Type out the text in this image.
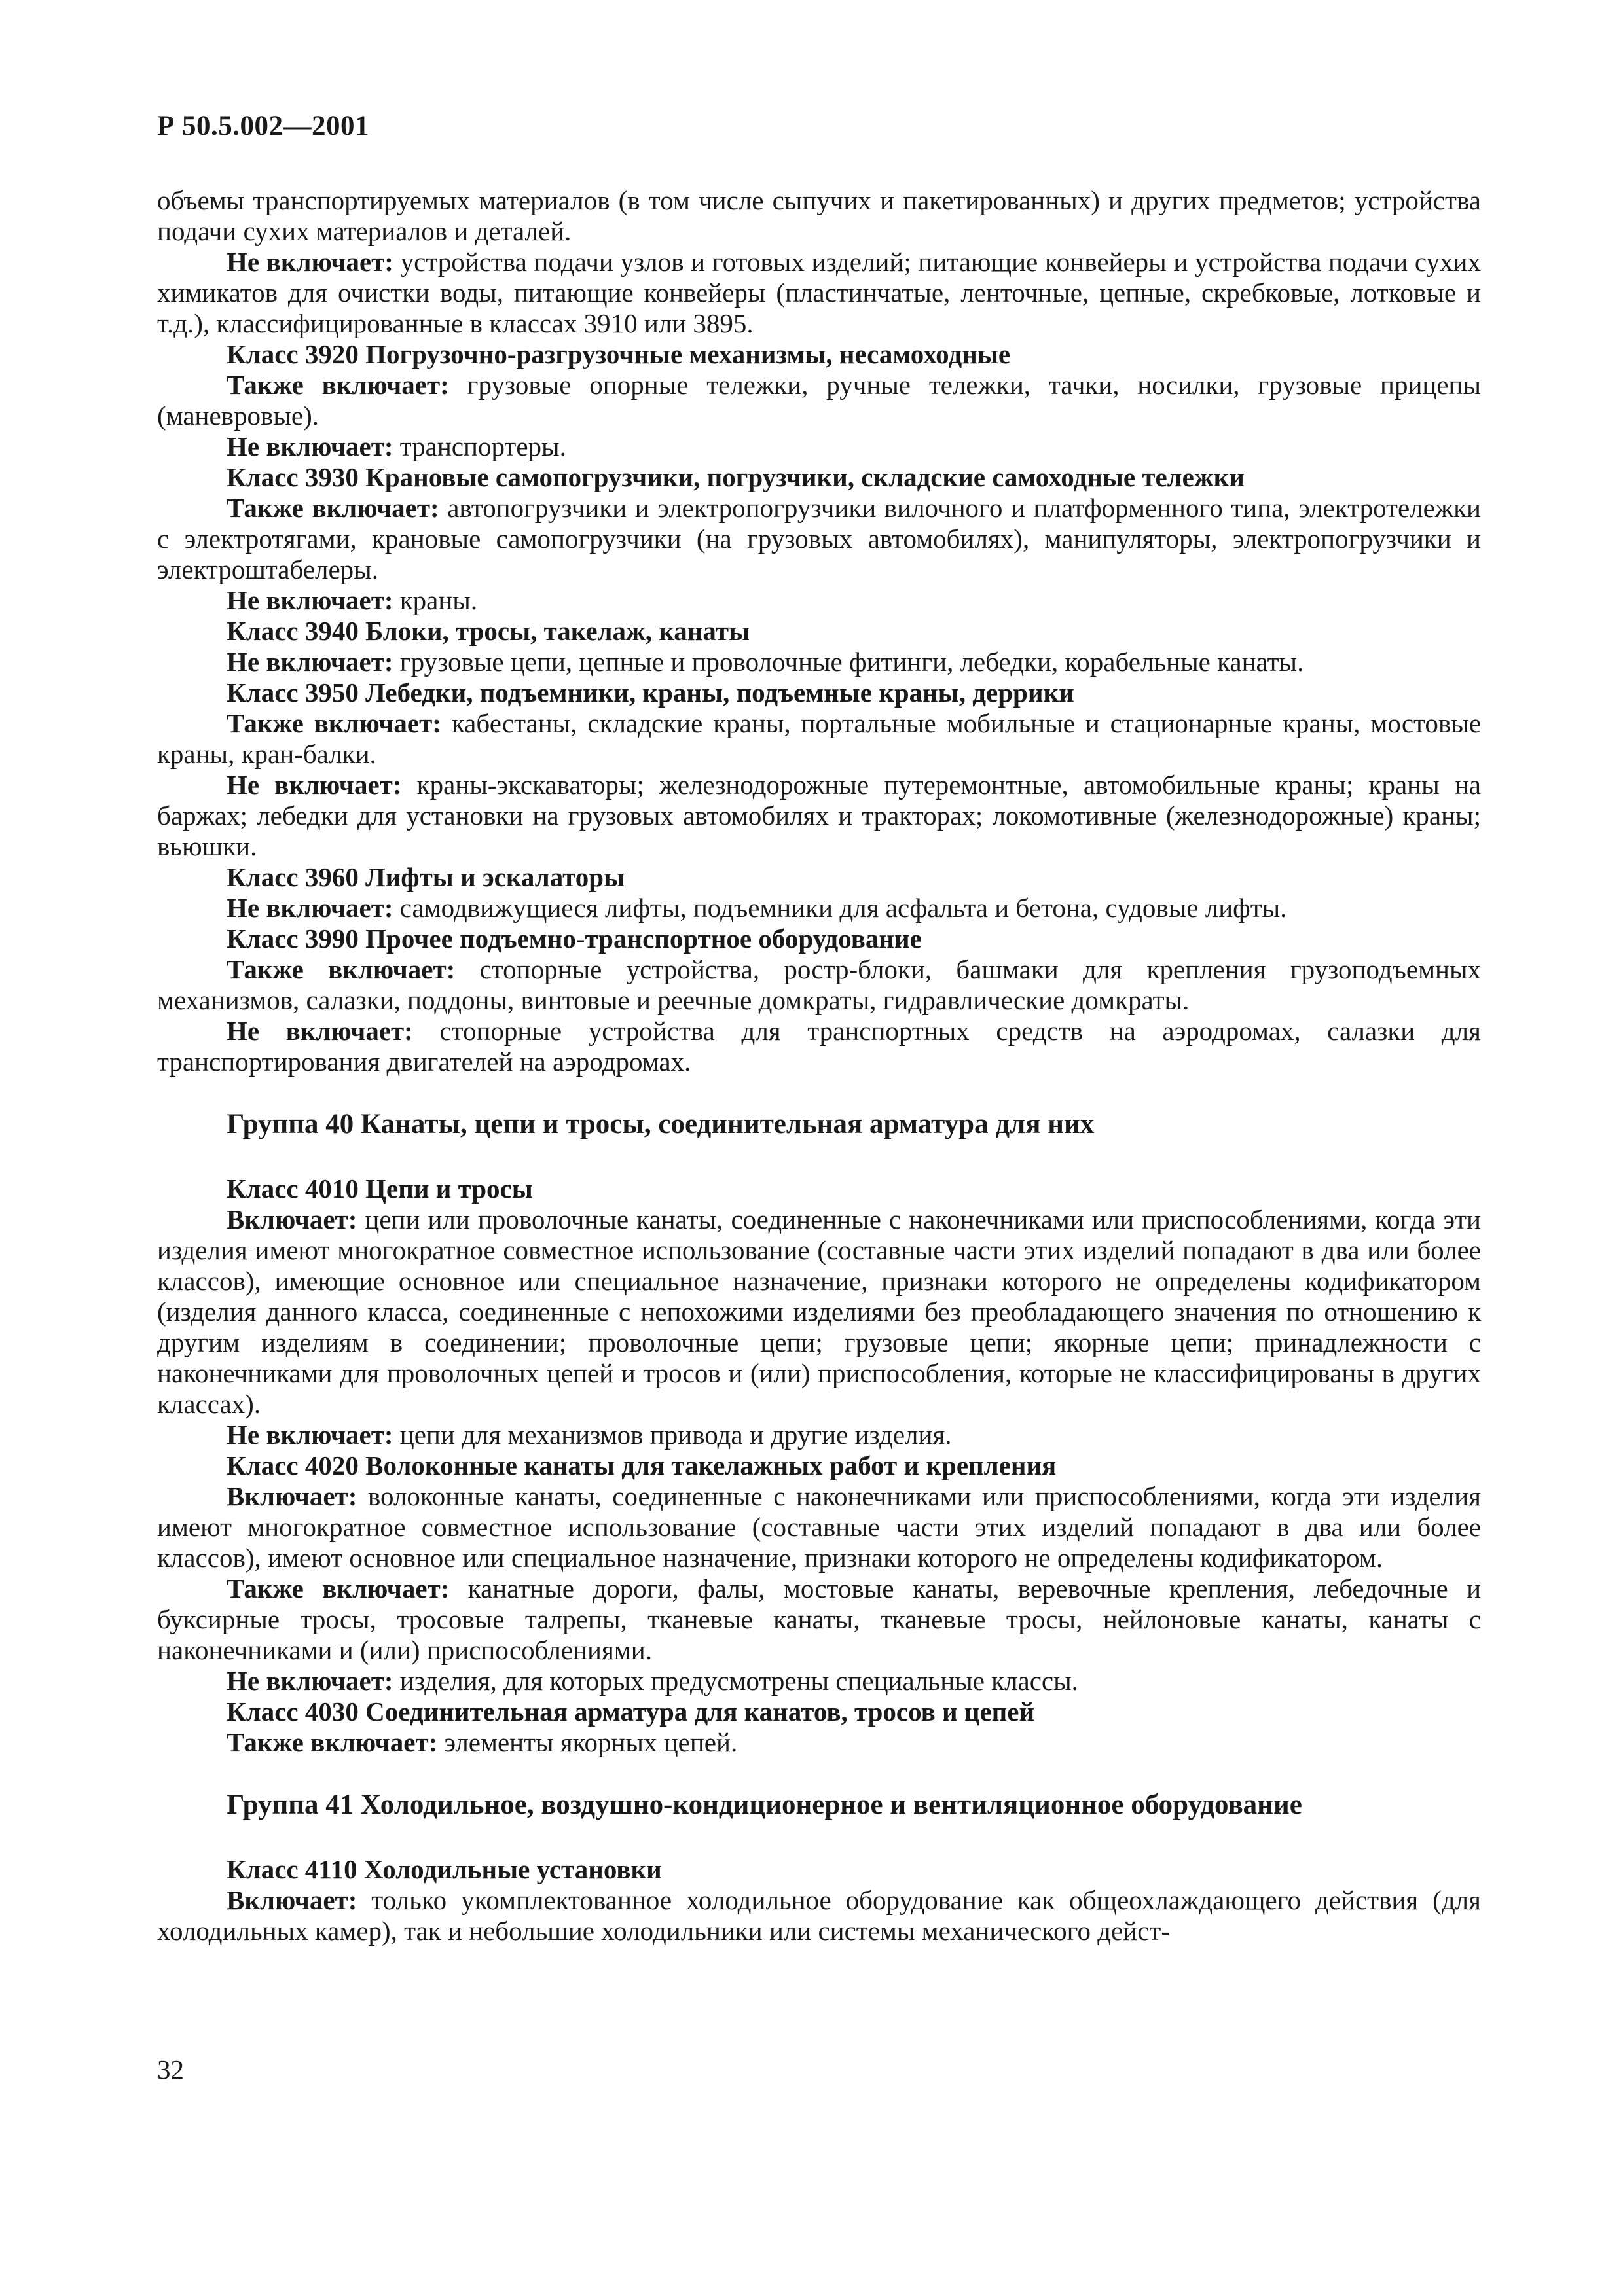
Р 50.5.002—2001

объемы транспортируемых материалов (в том числе сыпучих и пакетированных) и других предметов; устройства подачи сухих материалов и деталей.

Не включает: устройства подачи узлов и готовых изделий; питающие конвейеры и устройства подачи сухих химикатов для очистки воды, питающие конвейеры (пластинчатые, ленточные, цепные, скребковые, лотковые и т.д.), классифицированные в классах 3910 или 3895.

Класс 3920 Погрузочно-разгрузочные механизмы, несамоходные

Также включает: грузовые опорные тележки, ручные тележки, тачки, носилки, грузовые прицепы (маневровые).

Не включает: транспортеры.

Класс 3930 Крановые самопогрузчики, погрузчики, складские самоходные тележки

Также включает: автопогрузчики и электропогрузчики вилочного и платформенного типа, электротележки с электротягами, крановые самопогрузчики (на грузовых автомобилях), манипуляторы, электропогрузчики и электроштабелеры.

Не включает: краны.

Класс 3940 Блоки, тросы, такелаж, канаты

Не включает: грузовые цепи, цепные и проволочные фитинги, лебедки, корабельные канаты.

Класс 3950 Лебедки, подъемники, краны, подъемные краны, деррики

Также включает: кабестаны, складские краны, портальные мобильные и стационарные краны, мостовые краны, кран-балки.

Не включает: краны-экскаваторы; железнодорожные путеремонтные, автомобильные краны; краны на баржах; лебедки для установки на грузовых автомобилях и тракторах; локомотивные (железнодорожные) краны; вьюшки.

Класс 3960 Лифты и эскалаторы

Не включает: самодвижущиеся лифты, подъемники для асфальта и бетона, судовые лифты.

Класс 3990 Прочее подъемно-транспортное оборудование

Также включает: стопорные устройства, ростр-блоки, башмаки для крепления грузоподъемных механизмов, салазки, поддоны, винтовые и реечные домкраты, гидравлические домкраты.

Не включает: стопорные устройства для транспортных средств на аэродромах, салазки для транспортирования двигателей на аэродромах.

Группа 40 Канаты, цепи и тросы, соединительная арматура для них

Класс 4010 Цепи и тросы

Включает: цепи или проволочные канаты, соединенные с наконечниками или приспособлениями, когда эти изделия имеют многократное совместное использование (составные части этих изделий попадают в два или более классов), имеющие основное или специальное назначение, признаки которого не определены кодификатором (изделия данного класса, соединенные с непохожими изделиями без преобладающего значения по отношению к другим изделиям в соединении; проволочные цепи; грузовые цепи; якорные цепи; принадлежности с наконечниками для проволочных цепей и тросов и (или) приспособления, которые не классифицированы в других классах).

Не включает: цепи для механизмов привода и другие изделия.

Класс 4020 Волоконные канаты для такелажных работ и крепления

Включает: волоконные канаты, соединенные с наконечниками или приспособлениями, когда эти изделия имеют многократное совместное использование (составные части этих изделий попадают в два или более классов), имеют основное или специальное назначение, признаки которого не определены кодификатором.

Также включает: канатные дороги, фалы, мостовые канаты, веревочные крепления, лебедочные и буксирные тросы, тросовые талрепы, тканевые канаты, тканевые тросы, нейлоновые канаты, канаты с наконечниками и (или) приспособлениями.

Не включает: изделия, для которых предусмотрены специальные классы.

Класс 4030 Соединительная арматура для канатов, тросов и цепей

Также включает: элементы якорных цепей.

Группа 41 Холодильное, воздушно-кондиционерное и вентиляционное оборудование

Класс 4110 Холодильные установки

Включает: только укомплектованное холодильное оборудование как общеохлаждающего действия (для холодильных камер), так и небольшие холодильники или системы механического дейст-

32
